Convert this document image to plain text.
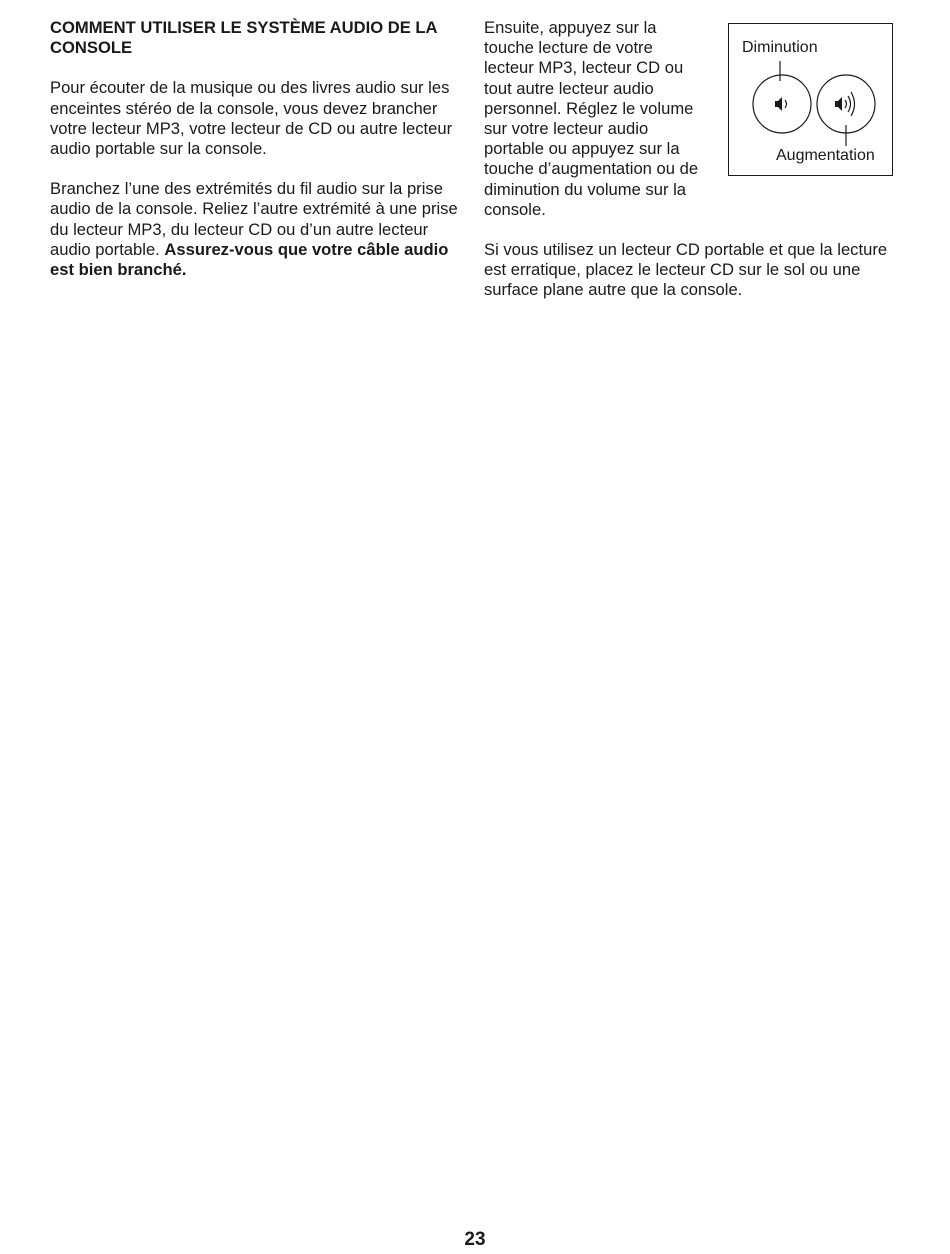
COMMENT UTILISER LE SYSTÈME AUDIO DE LA CONSOLE

Pour écouter de la musique ou des livres audio sur les enceintes stéréo de la console, vous devez brancher votre lecteur MP3, votre lecteur de CD ou autre lecteur audio portable sur la console.

Branchez l’une des extrémités du fil audio sur la prise audio de la console. Reliez l’autre extrémité à une prise du lecteur MP3, du lecteur CD ou d’un autre lecteur audio portable. Assurez-vous que votre câble audio est bien branché.

Ensuite, appuyez sur la touche lecture de votre lecteur MP3, lecteur CD ou tout autre lecteur audio personnel. Réglez le volume sur votre lecteur audio portable ou appuyez sur la touche d’augmentation ou de diminution du volume sur la console.

Si vous utilisez un lecteur CD portable et que la lecture est erratique, placez le lecteur CD sur le sol ou une surface plane autre que la console.

Diminution
Augmentation
23
